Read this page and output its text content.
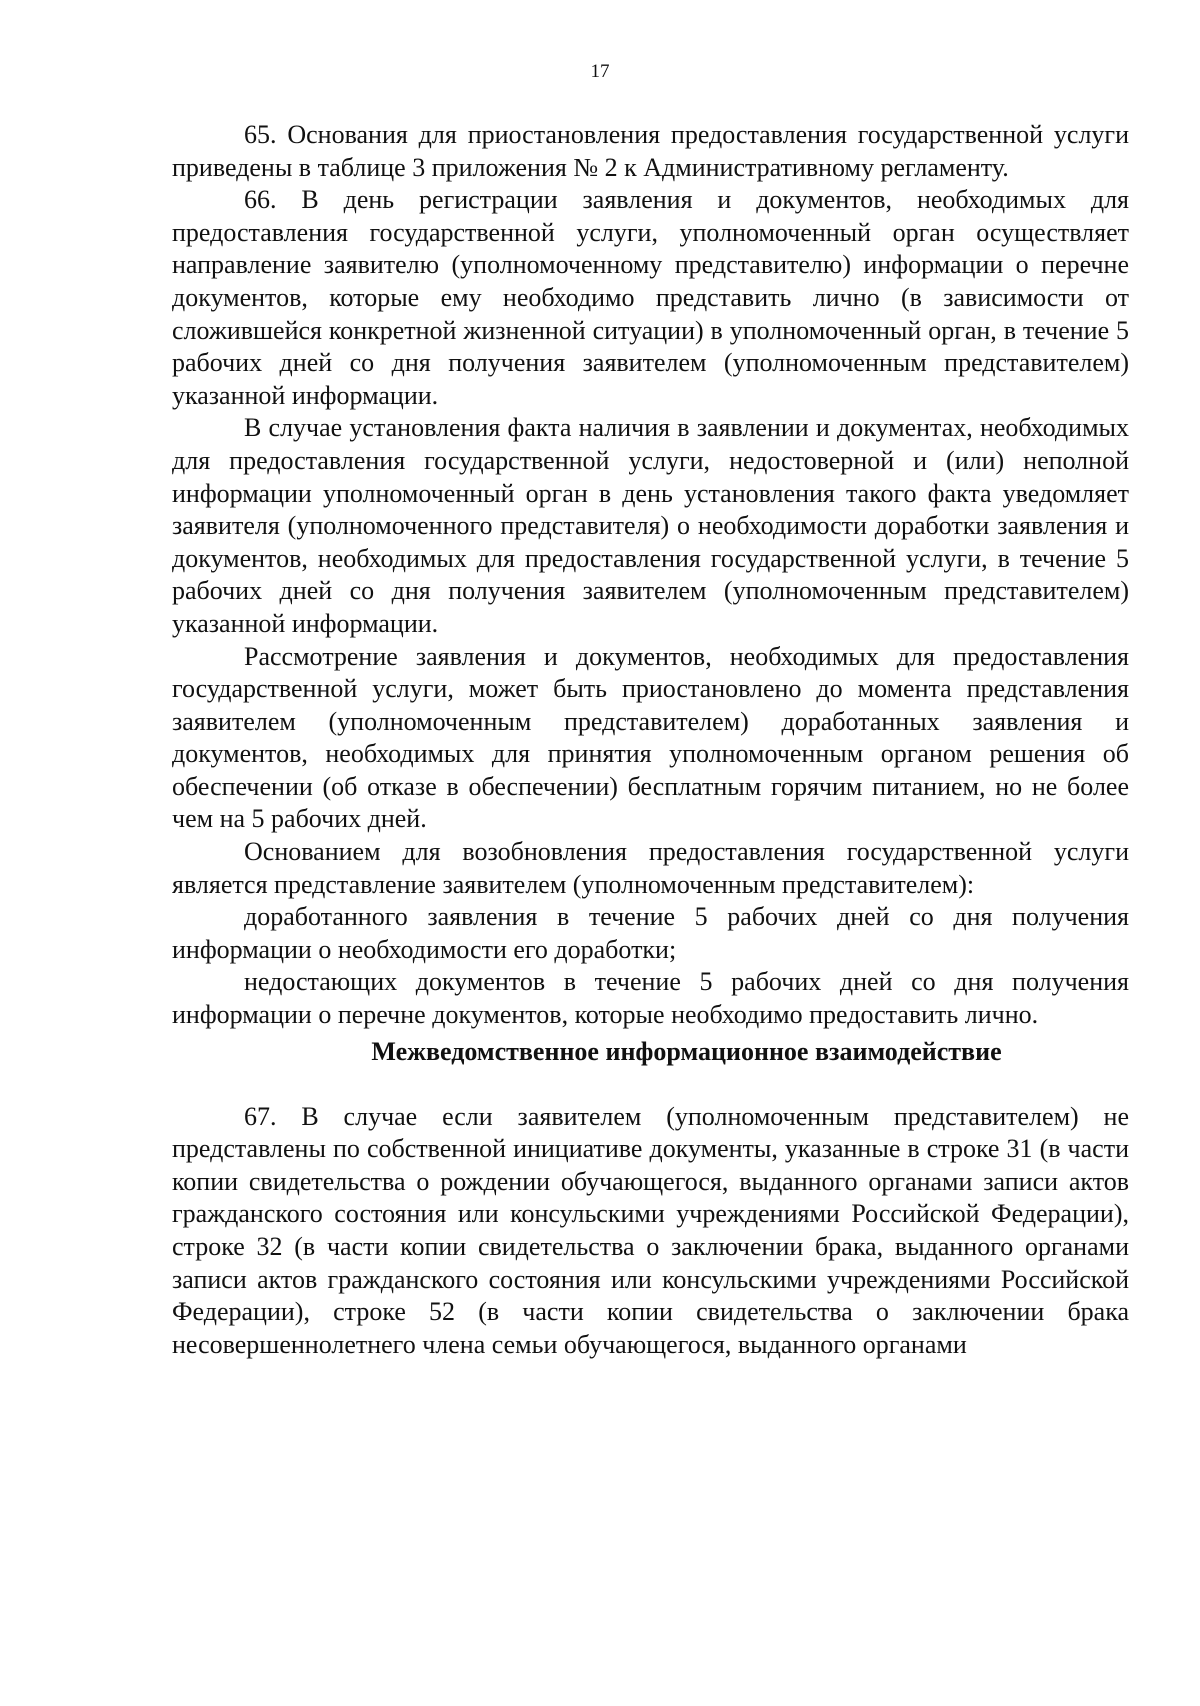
17

65. Основания для приостановления предоставления государственной услуги приведены в таблице 3 приложения № 2 к Административному регламенту.

66. В день регистрации заявления и документов, необходимых для предоставления государственной услуги, уполномоченный орган осуществляет направление заявителю (уполномоченному представителю) информации о перечне документов, которые ему необходимо представить лично (в зависимости от сложившейся конкретной жизненной ситуации) в уполномоченный орган, в течение 5 рабочих дней со дня получения заявителем (уполномоченным представителем) указанной информации.

В случае установления факта наличия в заявлении и документах, необходимых для предоставления государственной услуги, недостоверной и (или) неполной информации уполномоченный орган в день установления такого факта уведомляет заявителя (уполномоченного представителя) о необходимости доработки заявления и документов, необходимых для предоставления государственной услуги, в течение 5 рабочих дней со дня получения заявителем (уполномоченным представителем) указанной информации.

Рассмотрение заявления и документов, необходимых для предоставления государственной услуги, может быть приостановлено до момента представления заявителем (уполномоченным представителем) доработанных заявления и документов, необходимых для принятия уполномоченным органом решения об обеспечении (об отказе в обеспечении) бесплатным горячим питанием, но не более чем на 5 рабочих дней.

Основанием для возобновления предоставления государственной услуги является представление заявителем (уполномоченным представителем):

доработанного заявления в течение 5 рабочих дней со дня получения информации о необходимости его доработки;

недостающих документов в течение 5 рабочих дней со дня получения информации о перечне документов, которые необходимо предоставить лично.

Межведомственное информационное взаимодействие

67. В случае если заявителем (уполномоченным представителем) не представлены по собственной инициативе документы, указанные в строке 31 (в части копии свидетельства о рождении обучающегося, выданного органами записи актов гражданского состояния или консульскими учреждениями Российской Федерации), строке 32 (в части копии свидетельства о заключении брака, выданного органами записи актов гражданского состояния или консульскими учреждениями Российской Федерации), строке 52 (в части копии свидетельства о заключении брака несовершеннолетнего члена семьи обучающегося, выданного органами
